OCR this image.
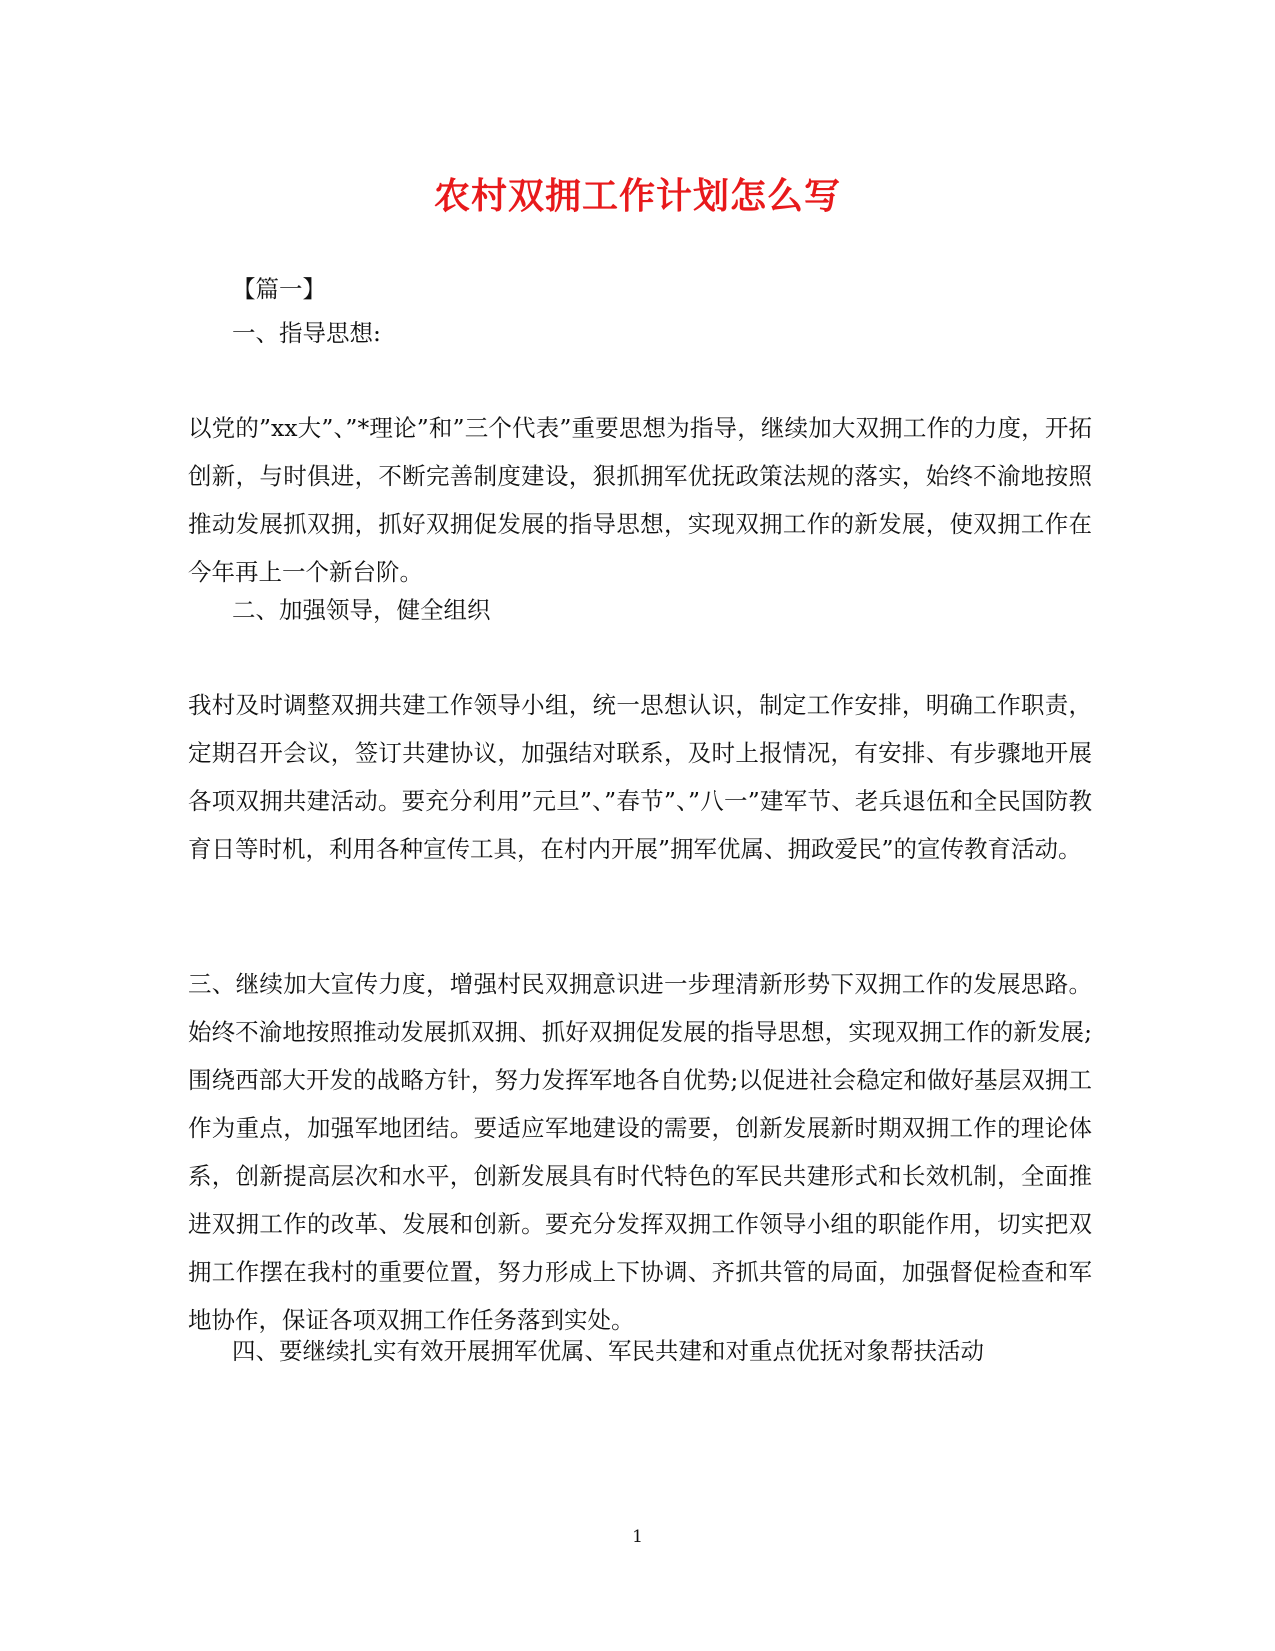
农村双拥工作计划怎么写
【篇一】
一、指导思想:
以党的”xx大”、”*理论”和”三个代表”重要思想为指导，继续加大双拥工作的力度，开拓创新，与时俱进，不断完善制度建设，狠抓拥军优抚政策法规的落实，始终不渝地按照推动发展抓双拥，抓好双拥促发展的指导思想，实现双拥工作的新发展，使双拥工作在今年再上一个新台阶。
二、加强领导，健全组织
我村及时调整双拥共建工作领导小组，统一思想认识，制定工作安排，明确工作职责，定期召开会议，签订共建协议，加强结对联系，及时上报情况，有安排、有步骤地开展各项双拥共建活动。要充分利用”元旦”、”春节”、”八一”建军节、老兵退伍和全民国防教育日等时机，利用各种宣传工具，在村内开展”拥军优属、拥政爱民”的宣传教育活动。
三、继续加大宣传力度，增强村民双拥意识进一步理清新形势下双拥工作的发展思路。始终不渝地按照推动发展抓双拥、抓好双拥促发展的指导思想，实现双拥工作的新发展;围绕西部大开发的战略方针，努力发挥军地各自优势;以促进社会稳定和做好基层双拥工作为重点，加强军地团结。要适应军地建设的需要，创新发展新时期双拥工作的理论体系，创新提高层次和水平，创新发展具有时代特色的军民共建形式和长效机制，全面推进双拥工作的改革、发展和创新。要充分发挥双拥工作领导小组的职能作用，切实把双拥工作摆在我村的重要位置，努力形成上下协调、齐抓共管的局面，加强督促检查和军地协作，保证各项双拥工作任务落到实处。
四、要继续扎实有效开展拥军优属、军民共建和对重点优抚对象帮扶活动
1
